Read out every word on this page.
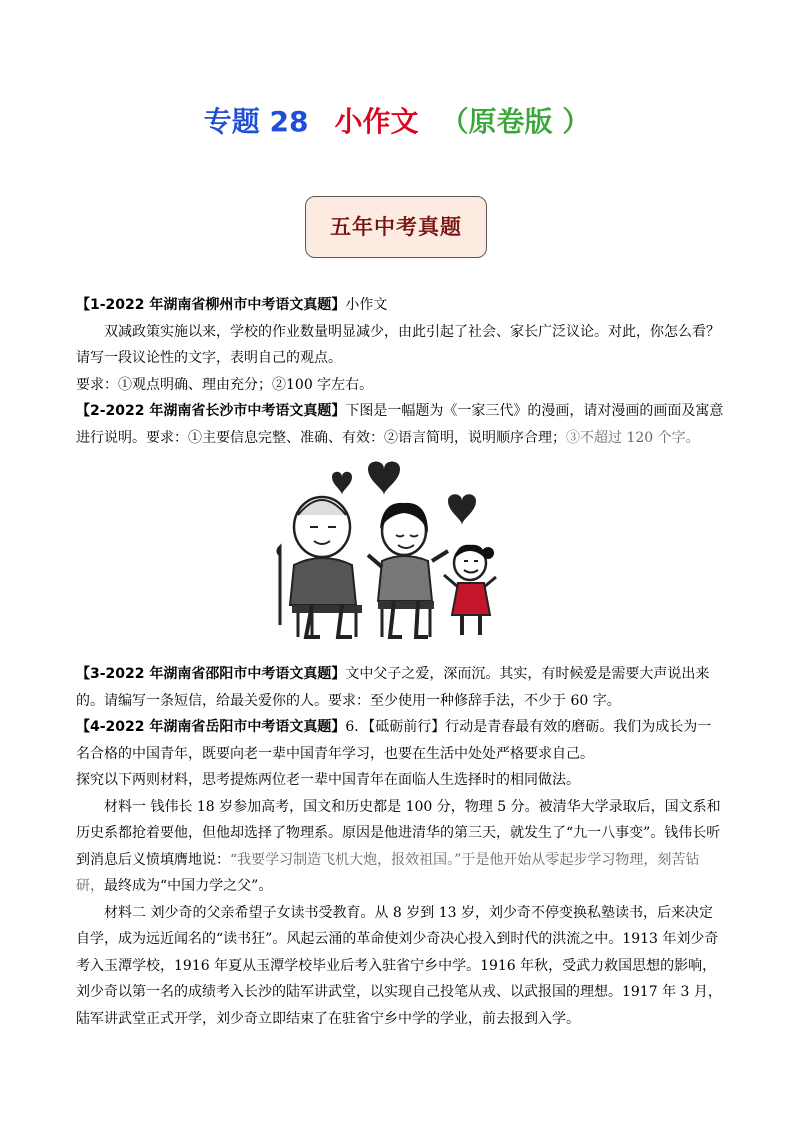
专题 28 小作文 （原卷版 ）
五年中考真题

【1-2022 年湖南省柳州市中考语文真题】小作文

双减政策实施以来，学校的作业数量明显减少，由此引起了社会、家长广泛议论。对此，你怎么看？请写一段议论性的文字，表明自己的观点。

要求：①观点明确、理由充分；②100 字左右。

【2-2022 年湖南省长沙市中考语文真题】下图是一幅题为《一家三代》的漫画，请对漫画的画面及寓意进行说明。要求：①主要信息完整、准确、有效：②语言简明，说明顺序合理；③不超过 120 个字。

【3-2022 年湖南省邵阳市中考语文真题】文中父子之爱，深而沉。其实，有时候爱是需要大声说出来的。请编写一条短信，给最关爱你的人。要求：至少使用一种修辞手法，不少于 60 字。

【4-2022 年湖南省岳阳市中考语文真题】6．【砥砺前行】行动是青春最有效的磨砺。我们为成长为一名合格的中国青年，既要向老一辈中国青年学习，也要在生活中处处严格要求自己。

探究以下两则材料，思考提炼两位老一辈中国青年在面临人生选择时的相同做法。

材料一 钱伟长 18 岁参加高考，国文和历史都是 100 分，物理 5 分。被清华大学录取后，国文系和历史系都抢着要他，但他却选择了物理系。原因是他进清华的第三天，就发生了“九一八事变”。钱伟长听到消息后义愤填膺地说：“我要学习制造飞机大炮，报效祖国。”于是他开始从零起步学习物理，刻苦钻研，最终成为“中国力学之父”。

材料二 刘少奇的父亲希望子女读书受教育。从 8 岁到 13 岁，刘少奇不停变换私塾读书，后来决定自学，成为远近闻名的“读书狂”。风起云涌的革命使刘少奇决心投入到时代的洪流之中。1913 年刘少奇考入玉潭学校，1916 年夏从玉潭学校毕业后考入驻省宁乡中学。1916 年秋，受武力救国思想的影响，刘少奇以第一名的成绩考入长沙的陆军讲武堂，以实现自己投笔从戎、以武报国的理想。1917 年 3 月，陆军讲武堂正式开学，刘少奇立即结束了在驻省宁乡中学的学业，前去报到入学。
